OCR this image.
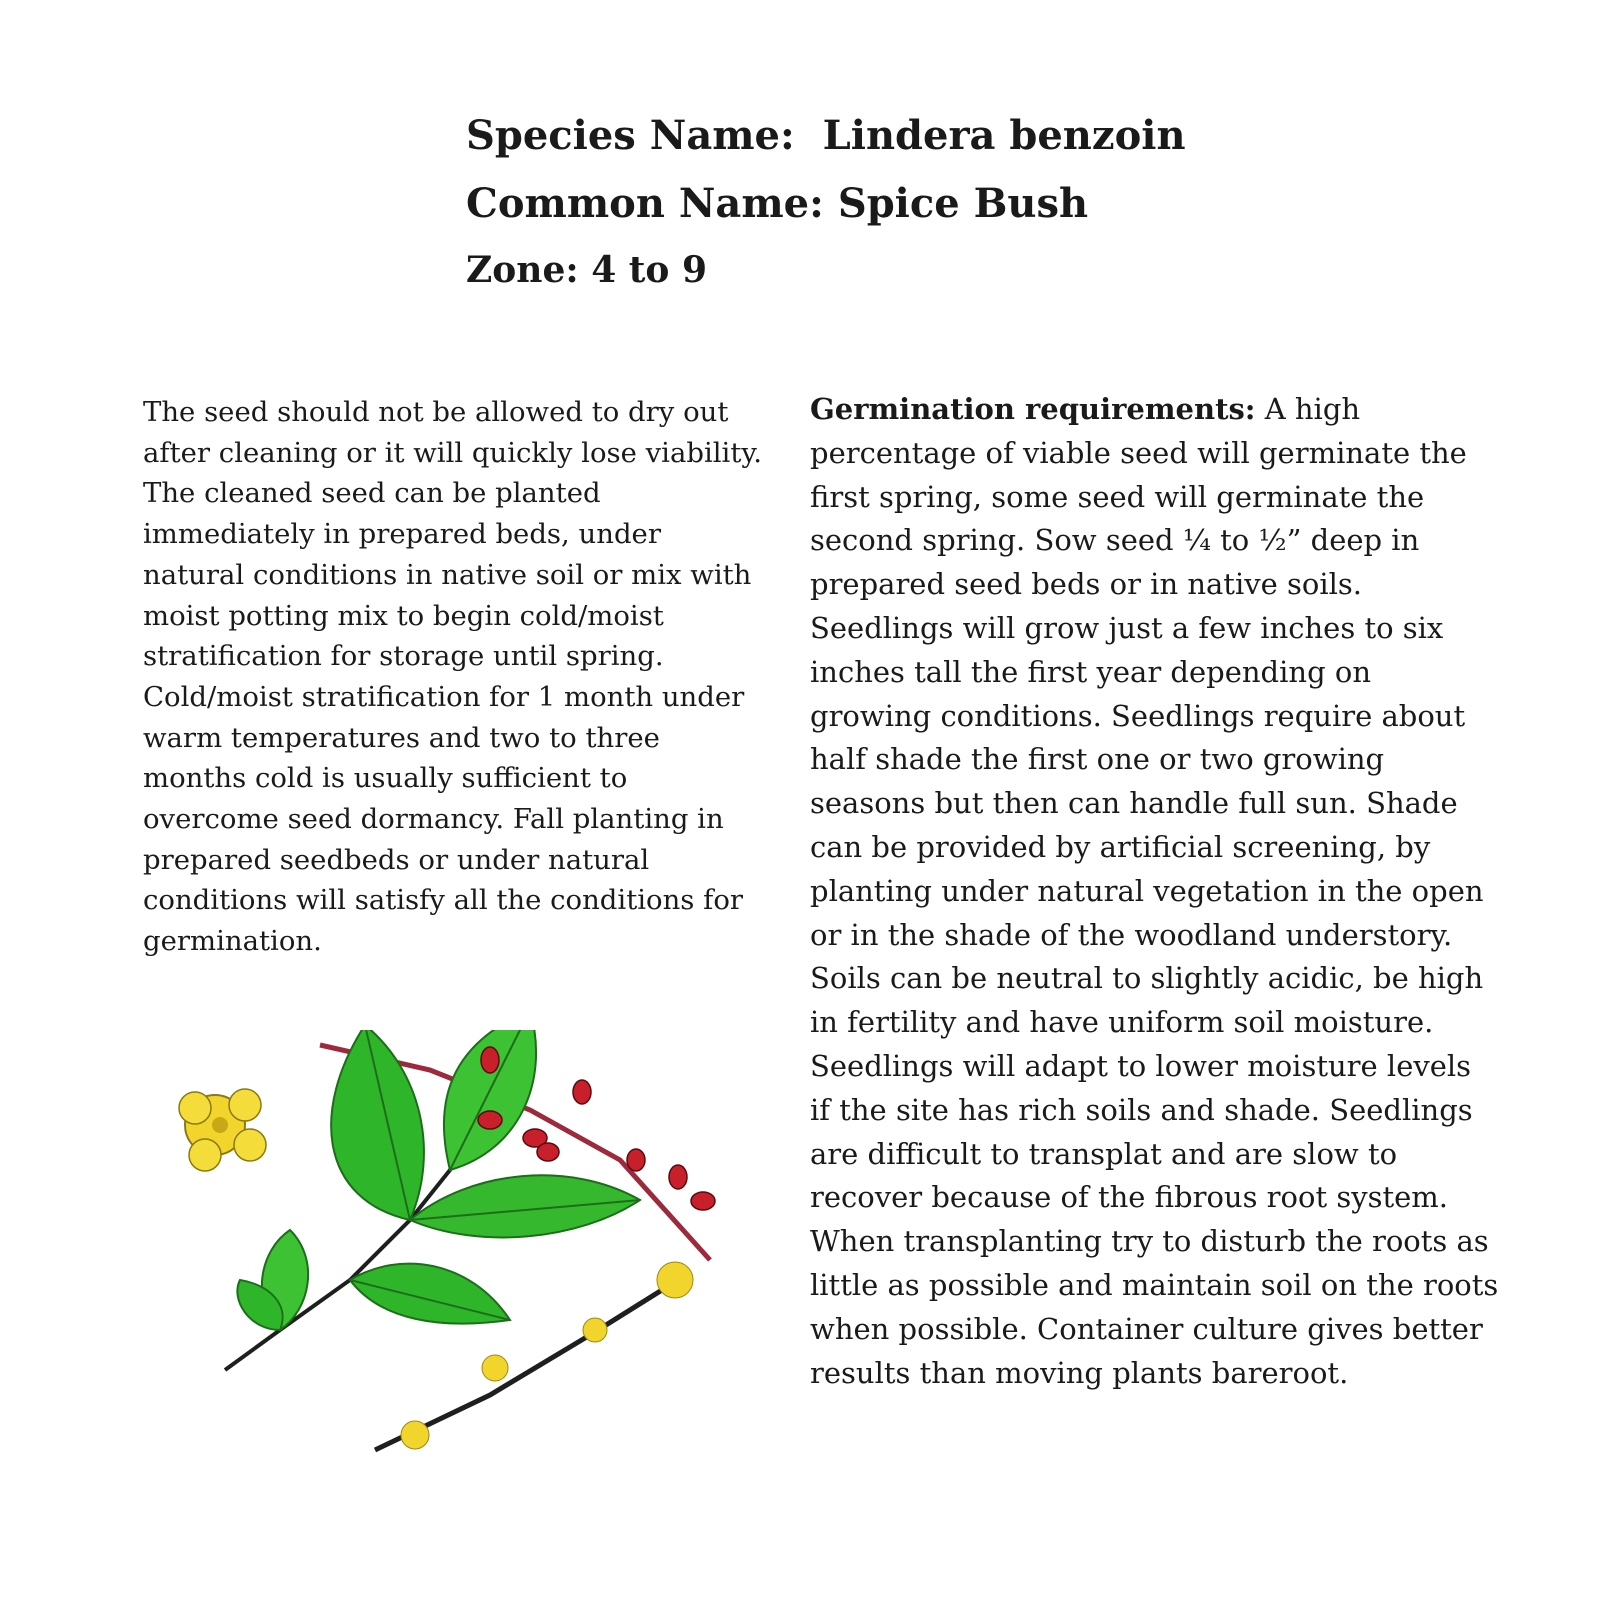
Species Name: Lindera benzoin
Common Name: Spice Bush
Zone: 4 to 9

The seed should not be allowed to dry out after cleaning or it will quickly lose viability. The cleaned seed can be planted immediately in prepared beds, under natural conditions in native soil or mix with moist potting mix to begin cold/moist stratification for storage until spring. Cold/moist stratification for 1 month under warm temperatures and two to three months cold is usually sufficient to overcome seed dormancy. Fall planting in prepared seedbeds or under natural conditions will satisfy all the conditions for germination.

Germination requirements: A high percentage of viable seed will germinate the first spring, some seed will germinate the second spring. Sow seed ¼ to ½” deep in prepared seed beds or in native soils. Seedlings will grow just a few inches to six inches tall the first year depending on growing conditions. Seedlings require about half shade the first one or two growing seasons but then can handle full sun. Shade can be provided by artificial screening, by planting under natural vegetation in the open or in the shade of the woodland understory. Soils can be neutral to slightly acidic, be high in fertility and have uniform soil moisture. Seedlings will adapt to lower moisture levels if the site has rich soils and shade. Seedlings are difficult to transplat and are slow to recover because of the fibrous root system. When transplanting try to disturb the roots as little as possible and maintain soil on the roots when possible. Container culture gives better results than moving plants bareroot.
